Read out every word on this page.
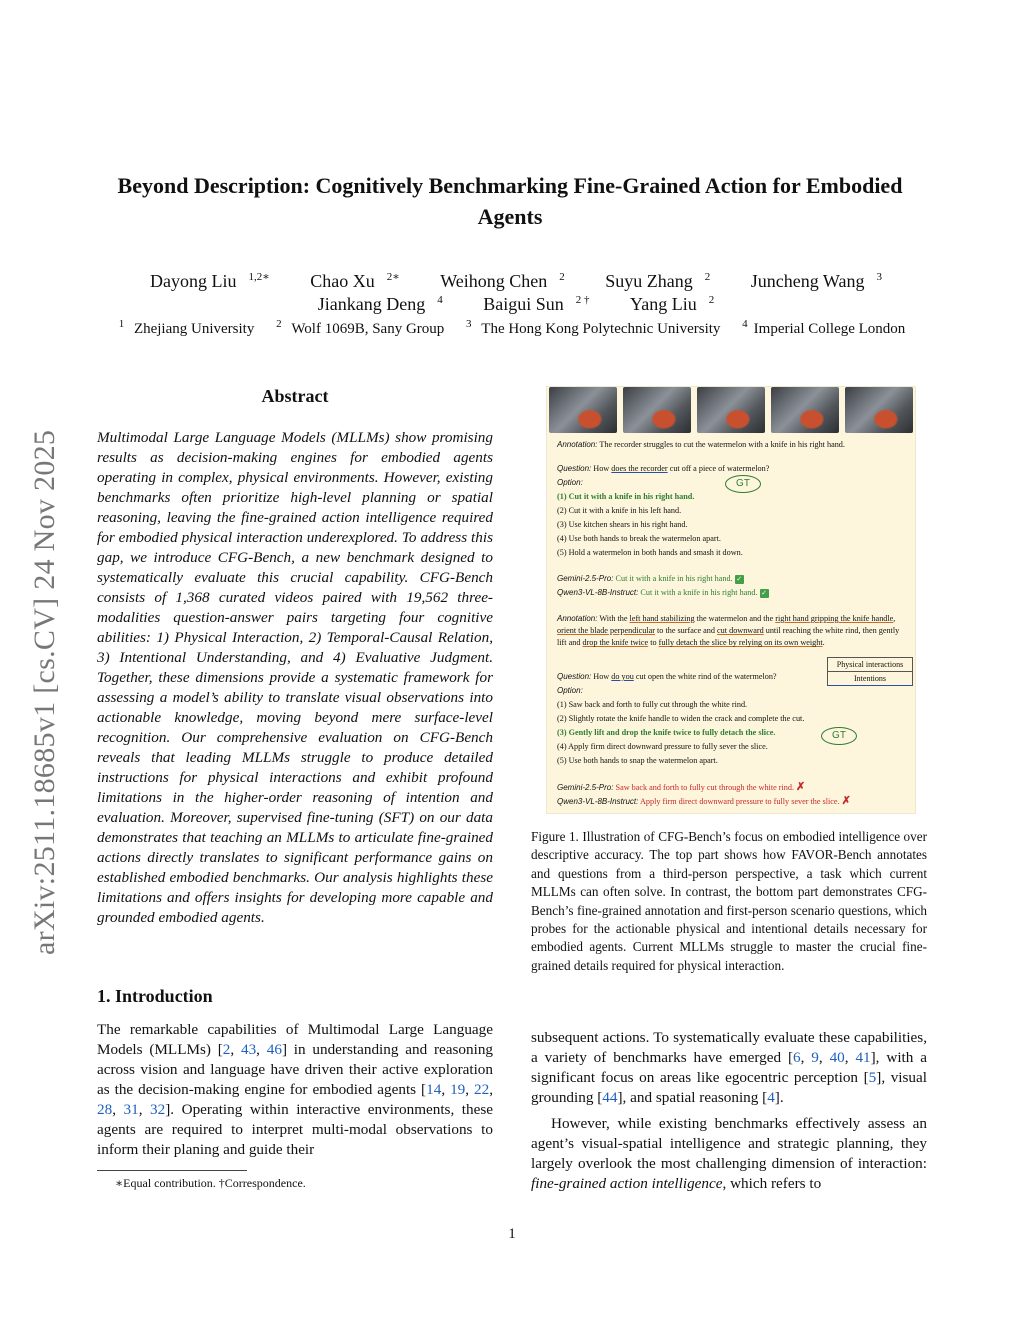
arXiv:2511.18685v1 [cs.CV] 24 Nov 2025
Beyond Description: Cognitively Benchmarking Fine-Grained Action for Embodied Agents
Dayong Liu $^{1,2∗}$ Chao Xu $^{2∗}$ Weihong Chen $^2$ Suyu Zhang $^2$ Juncheng Wang $^3$
Jiankang Deng $^4$ Baigui Sun $^{2 \dagger}$ Yang Liu $^2$
$^1$ Zhejiang University $^2$ Wolf 1069B, Sany Group $^3$ The Hong Kong Polytechnic University $^4$ Imperial College London
Abstract
Multimodal Large Language Models (MLLMs) show promising results as decision-making engines for embodied agents operating in complex, physical environments. However, existing benchmarks often prioritize high-level planning or spatial reasoning, leaving the fine-grained action intelligence required for embodied physical interaction underexplored. To address this gap, we introduce CFG-Bench, a new benchmark designed to systematically evaluate this crucial capability. CFG-Bench consists of 1,368 curated videos paired with 19,562 three-modalities question-answer pairs targeting four cognitive abilities: 1) Physical Interaction, 2) Temporal-Causal Relation, 3) Intentional Understanding, and 4) Evaluative Judgment. Together, these dimensions provide a systematic framework for assessing a model’s ability to translate visual observations into actionable knowledge, moving beyond mere surface-level recognition. Our comprehensive evaluation on CFG-Bench reveals that leading MLLMs struggle to produce detailed instructions for physical interactions and exhibit profound limitations in the higher-order reasoning of intention and evaluation. Moreover, supervised fine-tuning (SFT) on our data demonstrates that teaching an MLLMs to articulate fine-grained actions directly translates to significant performance gains on established embodied benchmarks. Our analysis highlights these limitations and offers insights for developing more capable and grounded embodied agents.
1. Introduction
The remarkable capabilities of Multimodal Large Language Models (MLLMs) [2, 43, 46] in understanding and reasoning across vision and language have driven their active exploration as the decision-making engine for embodied agents [14, 19, 22, 28, 31, 32]. Operating within interactive environments, these agents are required to interpret multi-modal observations to inform their planing and guide their
∗Equal contribution. †Correspondence.
Annotation: The recorder struggles to cut the watermelon with a knife in his right hand.
Question: How does the recorder cut off a piece of watermelon?
Option:
(1) Cut it with a knife in his right hand.
GT
(2) Cut it with a knife in his left hand.
(3) Use kitchen shears in his right hand.
(4) Use both hands to break the watermelon apart.
(5) Hold a watermelon in both hands and smash it down.
Gemini-2.5-Pro: Cut it with a knife in his right hand. ✓
Qwen3-VL-8B-Instruct: Cut it with a knife in his right hand. ✓
Annotation: With the left hand stabilizing the watermelon and the right hand gripping the knife handle, orient the blade perpendicular to the surface and cut downward until reaching the white rind, then gently lift and drop the knife twice to fully detach the slice by relying on its own weight.
Physical interactions
Intentions
Question: How do you cut open the white rind of the watermelon?
Option:
(1) Saw back and forth to fully cut through the white rind.
(2) Slightly rotate the knife handle to widen the crack and complete the cut.
(3) Gently lift and drop the knife twice to fully detach the slice.	GT
(4) Apply firm direct downward pressure to fully sever the slice.
(5) Use both hands to snap the watermelon apart.
Gemini-2.5-Pro: Saw back and forth to fully cut through the white rind. ✗
Qwen3-VL-8B-Instruct: Apply firm direct downward pressure to fully sever the slice. ✗
Figure 1. Illustration of CFG-Bench’s focus on embodied intelligence over descriptive accuracy. The top part shows how FAVOR-Bench annotates and questions from a third-person perspective, a task which current MLLMs can often solve. In contrast, the bottom part demonstrates CFG-Bench’s fine-grained annotation and first-person scenario questions, which probes for the actionable physical and intentional details necessary for embodied agents. Current MLLMs struggle to master the crucial fine-grained details required for physical interaction.

subsequent actions. To systematically evaluate these capabilities, a variety of benchmarks have emerged [6, 9, 40, 41], with a significant focus on areas like egocentric perception [5], visual grounding [44], and spatial reasoning [4].

However, while existing benchmarks effectively assess an agent’s visual-spatial intelligence and strategic planning, they largely overlook the most challenging dimension of interaction: fine-grained action intelligence, which refers to

1
